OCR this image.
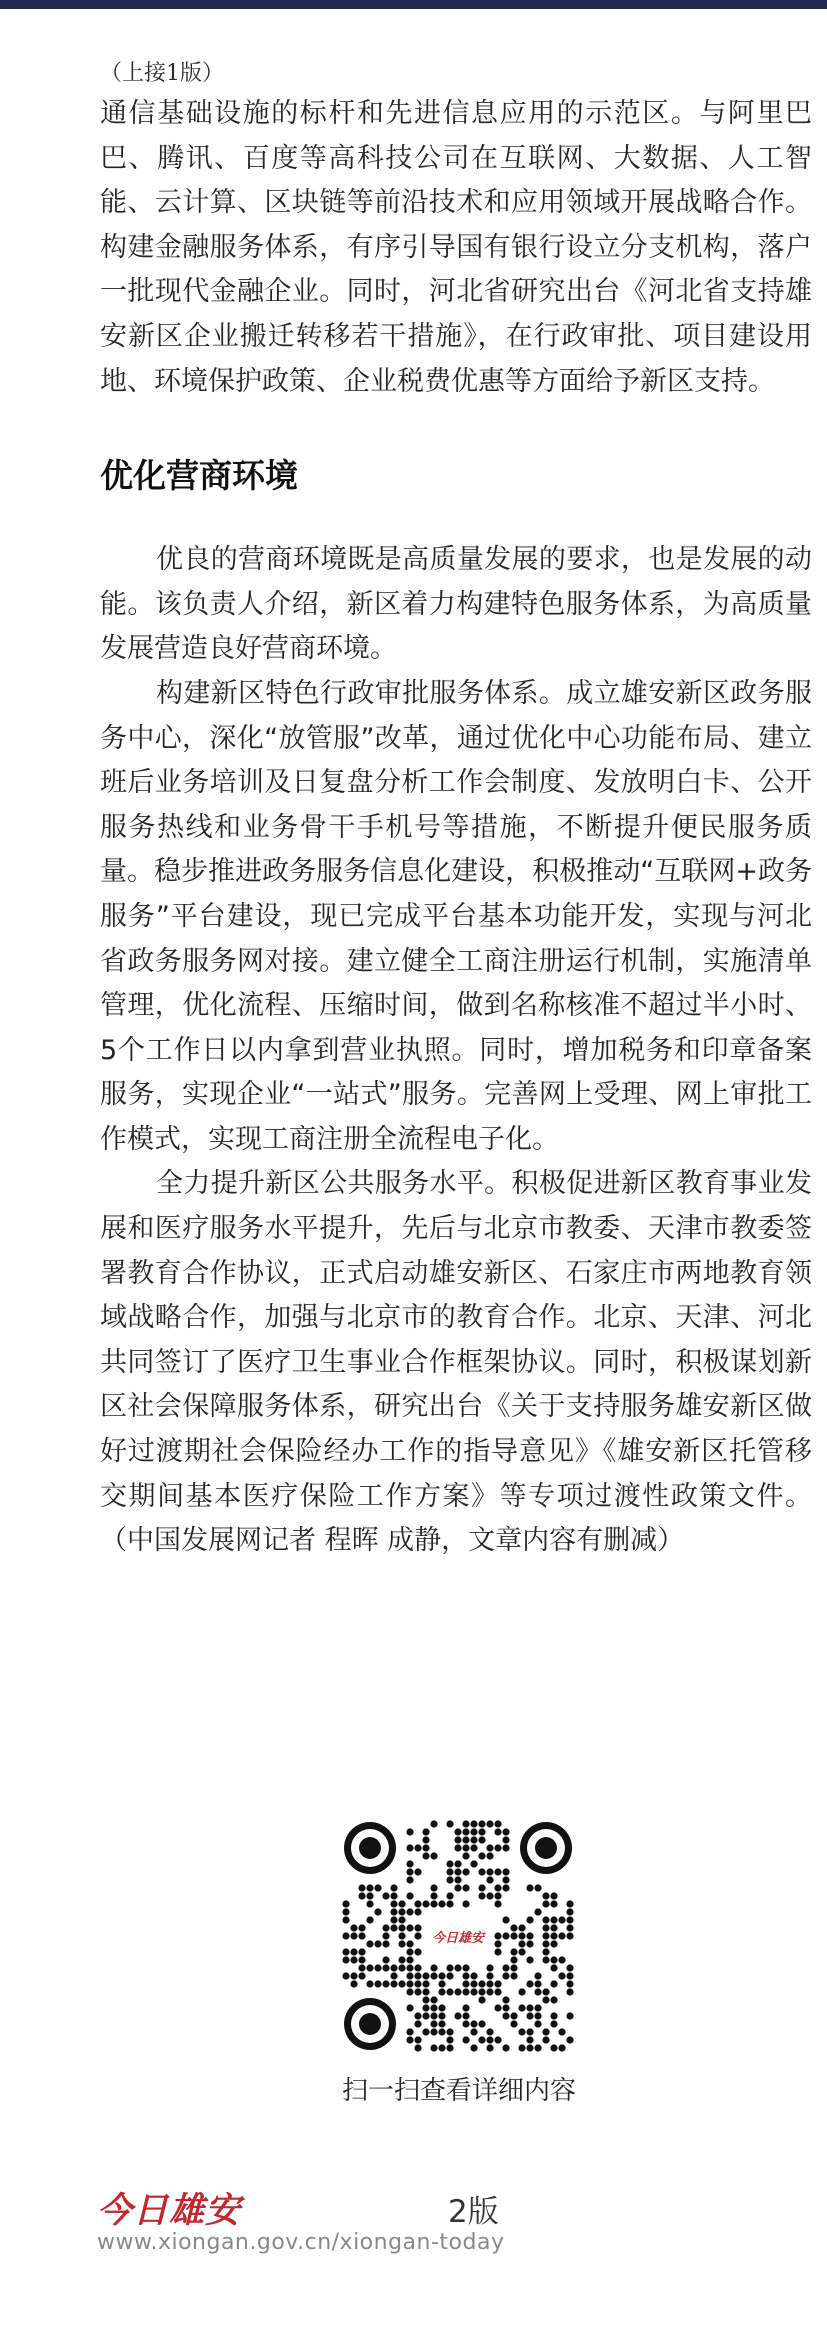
（上接1版）

通信基础设施的标杆和先进信息应用的示范区。与阿里巴巴、腾讯、百度等高科技公司在互联网、大数据、人工智能、云计算、区块链等前沿技术和应用领域开展战略合作。构建金融服务体系，有序引导国有银行设立分支机构，落户一批现代金融企业。同时，河北省研究出台《河北省支持雄安新区企业搬迁转移若干措施》，在行政审批、项目建设用地、环境保护政策、企业税费优惠等方面给予新区支持。

优化营商环境

优良的营商环境既是高质量发展的要求，也是发展的动能。该负责人介绍，新区着力构建特色服务体系，为高质量发展营造良好营商环境。

构建新区特色行政审批服务体系。成立雄安新区政务服务中心，深化“放管服”改革，通过优化中心功能布局、建立班后业务培训及日复盘分析工作会制度、发放明白卡、公开服务热线和业务骨干手机号等措施，不断提升便民服务质量。稳步推进政务服务信息化建设，积极推动“互联网+政务服务”平台建设，现已完成平台基本功能开发，实现与河北省政务服务网对接。建立健全工商注册运行机制，实施清单管理，优化流程、压缩时间，做到名称核准不超过半小时、5个工作日以内拿到营业执照。同时，增加税务和印章备案服务，实现企业“一站式”服务。完善网上受理、网上审批工作模式，实现工商注册全流程电子化。

全力提升新区公共服务水平。积极促进新区教育事业发展和医疗服务水平提升，先后与北京市教委、天津市教委签署教育合作协议，正式启动雄安新区、石家庄市两地教育领域战略合作，加强与北京市的教育合作。北京、天津、河北共同签订了医疗卫生事业合作框架协议。同时，积极谋划新区社会保障服务体系，研究出台《关于支持服务雄安新区做好过渡期社会保险经办工作的指导意见》《雄安新区托管移交期间基本医疗保险工作方案》等专项过渡性政策文件。（中国发展网记者 程晖 成静，文章内容有删减）

今日雄安
扫一扫查看详细内容
今日雄安	2版
www.xiongan.gov.cn/xiongan-today
